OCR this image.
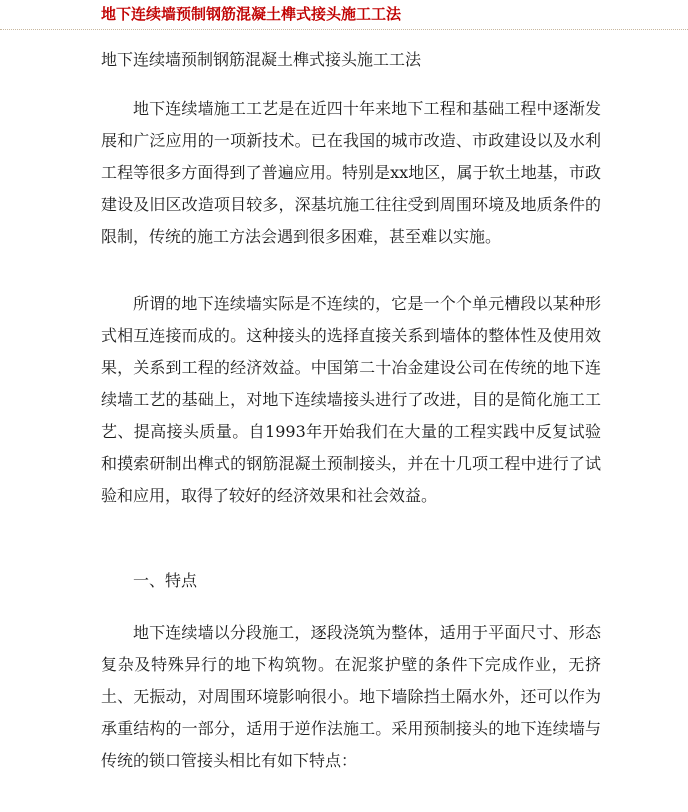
地下连续墙预制钢筋混凝土榫式接头施工工法
地下连续墙预制钢筋混凝土榫式接头施工工法

地下连续墙施工工艺是在近四十年来地下工程和基础工程中逐渐发展和广泛应用的一项新技术。已在我国的城市改造、市政建设以及水利工程等很多方面得到了普遍应用。特别是xx地区，属于软土地基，市政建设及旧区改造项目较多，深基坑施工往往受到周围环境及地质条件的限制，传统的施工方法会遇到很多困难，甚至难以实施。

所谓的地下连续墙实际是不连续的，它是一个个单元槽段以某种形式相互连接而成的。这种接头的选择直接关系到墙体的整体性及使用效果，关系到工程的经济效益。中国第二十冶金建设公司在传统的地下连续墙工艺的基础上，对地下连续墙接头进行了改进，目的是简化施工工艺、提高接头质量。自1993年开始我们在大量的工程实践中反复试验和摸索研制出榫式的钢筋混凝土预制接头，并在十几项工程中进行了试验和应用，取得了较好的经济效果和社会效益。

一、特点

地下连续墙以分段施工，逐段浇筑为整体，适用于平面尺寸、形态复杂及特殊异行的地下构筑物。在泥浆护壁的条件下完成作业，无挤土、无振动，对周围环境影响很小。地下墙除挡土隔水外，还可以作为承重结构的一部分，适用于逆作法施工。采用预制接头的地下连续墙与传统的锁口管接头相比有如下特点：
